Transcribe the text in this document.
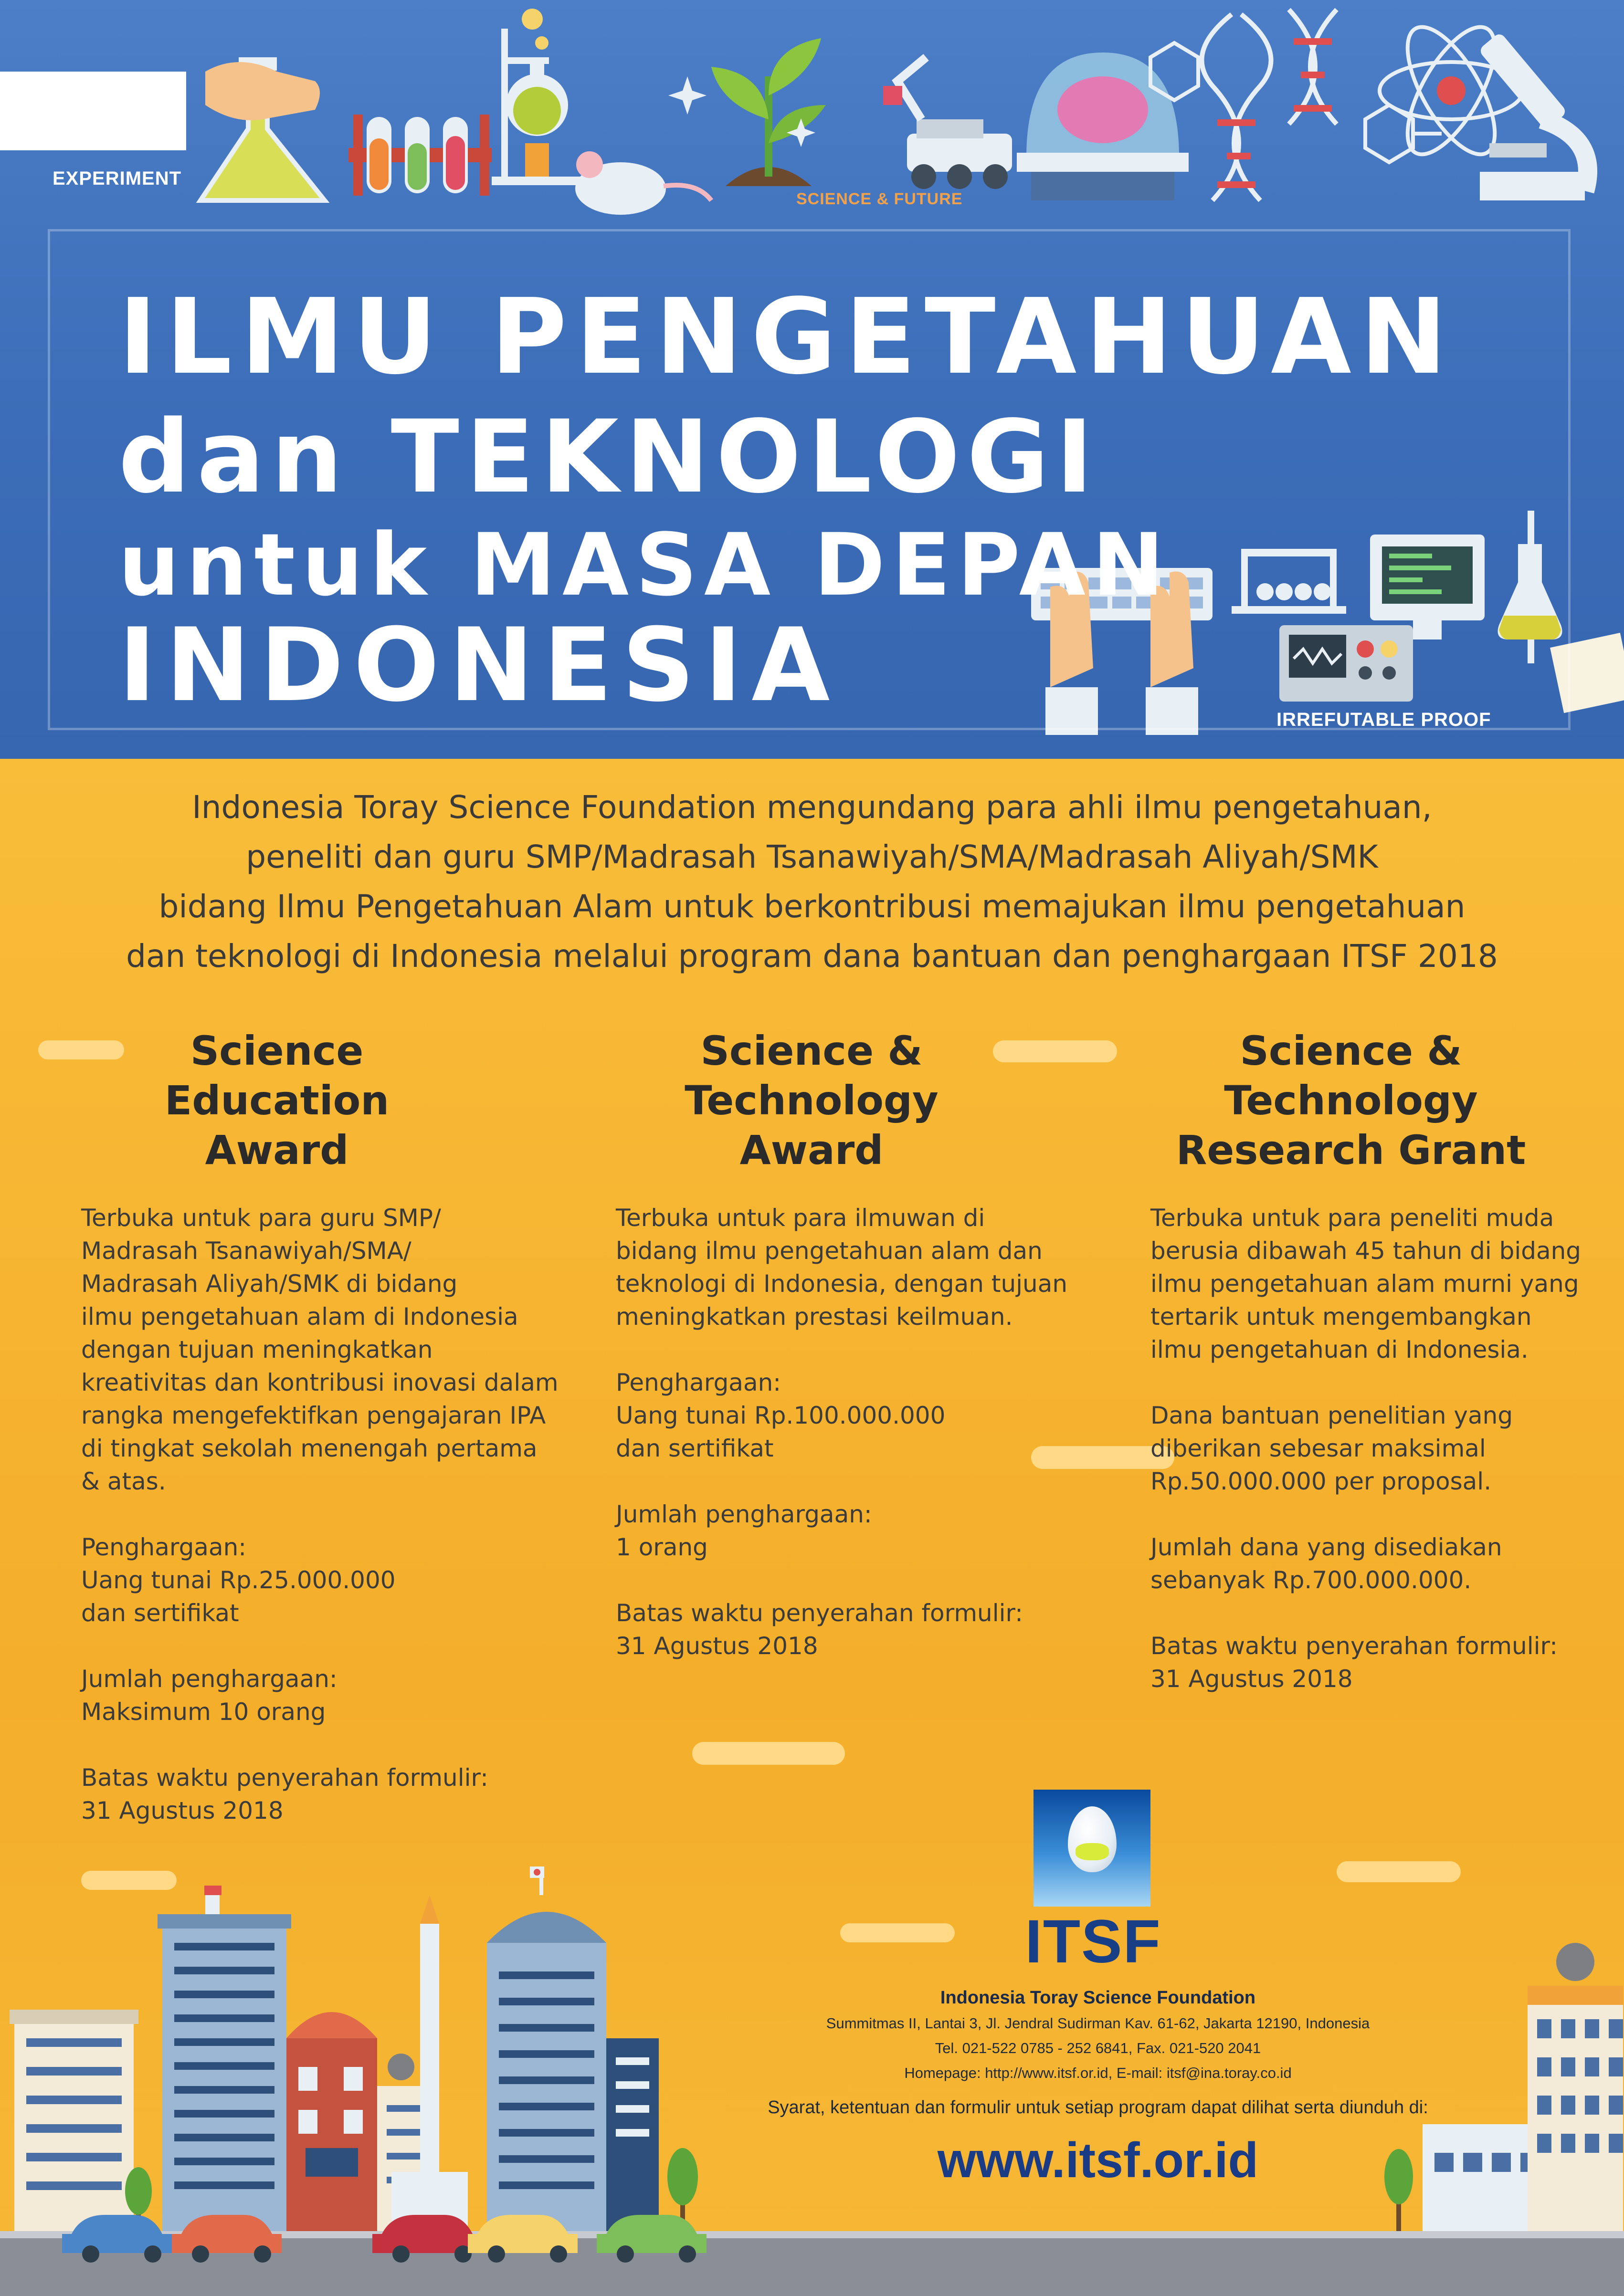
EXPERIMENT
SCIENCE & FUTURE
IRREFUTABLE PROOF
ILMU PENGETAHUAN
dan TEKNOLOGI
untuk MASA DEPAN
INDONESIA
Indonesia Toray Science Foundation mengundang para ahli ilmu pengetahuan,
peneliti dan guru SMP/Madrasah Tsanawiyah/SMA/Madrasah Aliyah/SMK
bidang Ilmu Pengetahuan Alam untuk berkontribusi memajukan ilmu pengetahuan
dan teknologi di Indonesia melalui program dana bantuan dan penghargaan ITSF 2018
Science
Education
Award
Terbuka untuk para guru SMP/
Madrasah Tsanawiyah/SMA/
Madrasah Aliyah/SMK di bidang
ilmu pengetahuan alam di Indonesia
dengan tujuan meningkatkan
kreativitas dan kontribusi inovasi dalam
rangka mengefektifkan pengajaran IPA
di tingkat sekolah menengah pertama
& atas.
Penghargaan:
Uang tunai Rp.25.000.000
dan sertifikat
Jumlah penghargaan:
Maksimum 10 orang
Batas waktu penyerahan formulir:
31 Agustus 2018
Science &
Technology
Award
Terbuka untuk para ilmuwan di
bidang ilmu pengetahuan alam dan
teknologi di Indonesia, dengan tujuan
meningkatkan prestasi keilmuan.
Penghargaan:
Uang tunai Rp.100.000.000
dan sertifikat
Jumlah penghargaan:
1 orang
Batas waktu penyerahan formulir:
31 Agustus 2018
Science &
Technology
Research Grant
Terbuka untuk para peneliti muda
berusia dibawah 45 tahun di bidang
ilmu pengetahuan alam murni yang
tertarik untuk mengembangkan
ilmu pengetahuan di Indonesia.
Dana bantuan penelitian yang
diberikan sebesar maksimal
Rp.50.000.000 per proposal.
Jumlah dana yang disediakan
sebanyak Rp.700.000.000.
Batas waktu penyerahan formulir:
31 Agustus 2018
ITSF
Indonesia Toray Science Foundation
Summitmas II, Lantai 3, Jl. Jendral Sudirman Kav. 61-62, Jakarta 12190, Indonesia
Tel. 021-522 0785 - 252 6841, Fax. 021-520 2041
Homepage: http://www.itsf.or.id, E-mail: itsf@ina.toray.co.id
Syarat, ketentuan dan formulir untuk setiap program dapat dilihat serta diunduh di:
www.itsf.or.id
